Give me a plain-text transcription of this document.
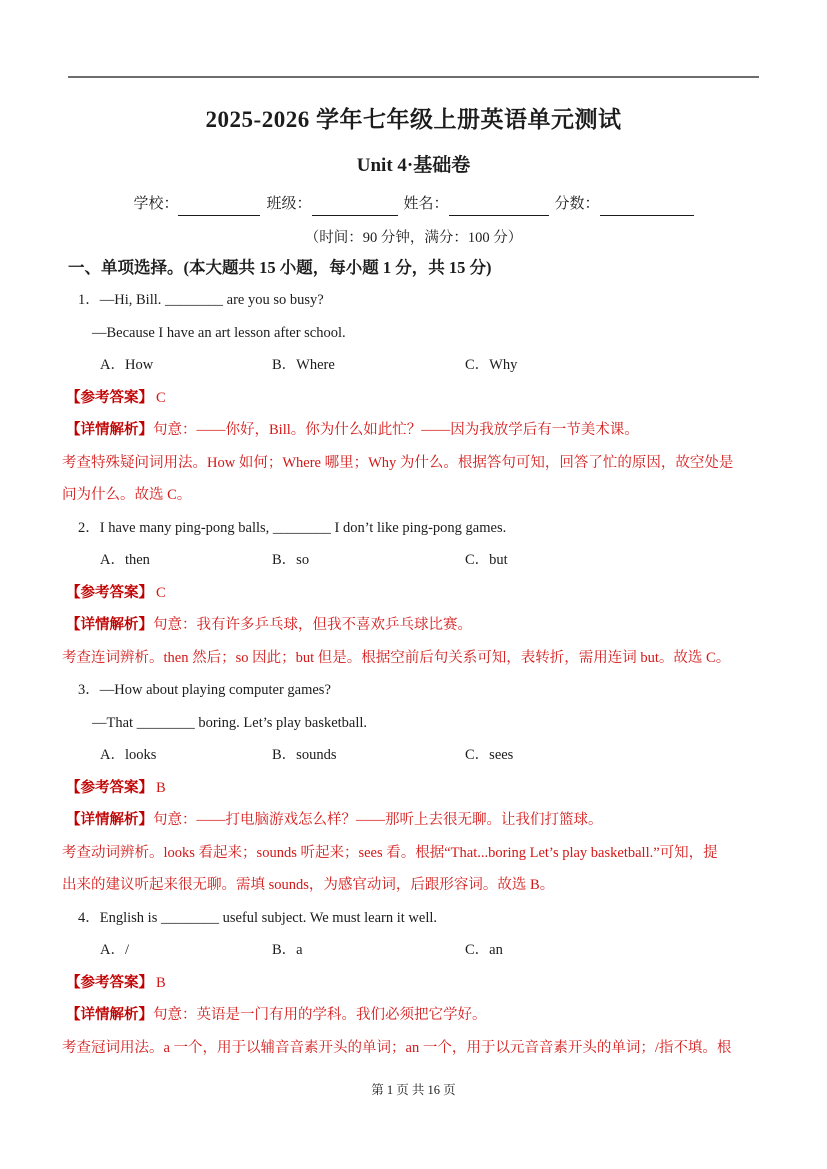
2025-2026 学年七年级上册英语单元测试
Unit 4·基础卷
学校：	班级：	姓名：	分数：
（时间：90 分钟，满分：100 分）
一、单项选择。(本大题共 15 小题，每小题 1 分，共 15 分)
1．—Hi, Bill. ________ are you so busy?
—Because I have an art lesson after school.
A．How	B．Where	C．Why
【参考答案】 C
【详情解析】句意：——你好，Bill。你为什么如此忙？——因为我放学后有一节美术课。
考查特殊疑问词用法。How 如何；Where 哪里；Why 为什么。根据答句可知，回答了忙的原因，故空处是
问为什么。故选 C。
2．I have many ping-pong balls, ________ I don’t like ping-pong games.
A．then	B．so	C．but
【参考答案】 C
【详情解析】句意：我有许多乒乓球，但我不喜欢乒乓球比赛。
考查连词辨析。then 然后；so 因此；but 但是。根据空前后句关系可知，表转折，需用连词 but。故选 C。
3．—How about playing computer games?
—That ________ boring. Let’s play basketball.
A．looks	B．sounds	C．sees
【参考答案】 B
【详情解析】句意：——打电脑游戏怎么样？——那听上去很无聊。让我们打篮球。
考查动词辨析。looks 看起来；sounds 听起来；sees 看。根据“That...boring Let’s play basketball.”可知，提
出来的建议听起来很无聊。需填 sounds，为感官动词，后跟形容词。故选 B。
4．English is ________ useful subject. We must learn it well.
A．/	B．a	C．an
【参考答案】 B
【详情解析】句意：英语是一门有用的学科。我们必须把它学好。
考查冠词用法。a 一个，用于以辅音音素开头的单词；an 一个，用于以元音音素开头的单词；/指不填。根
第 1 页 共 16 页
